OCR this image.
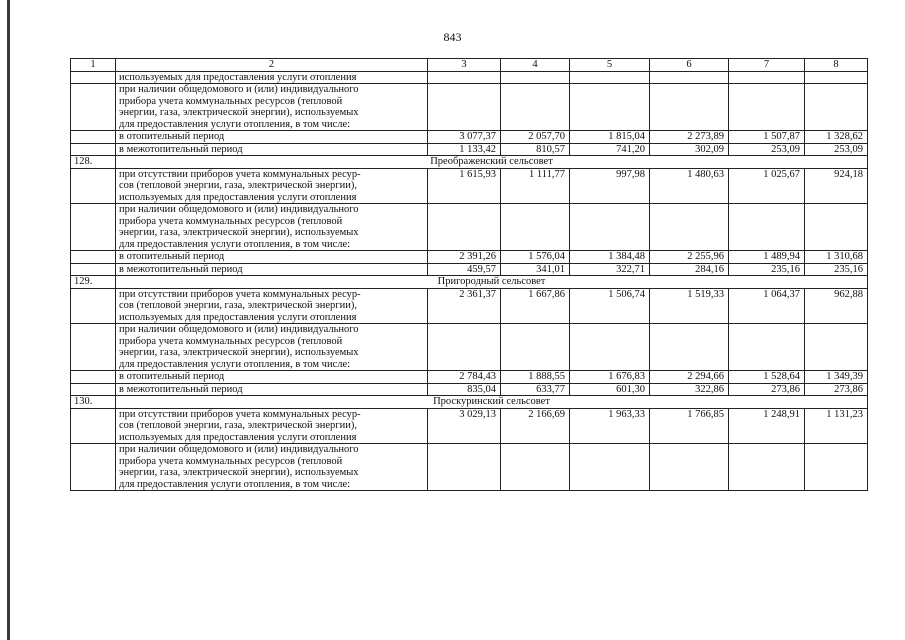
843
1	2	3	4	5	6	7	8
	используемых для предоставления услуги отопления						
	при наличии общедомового и (или) индивидуального
прибора учета коммунальных ресурсов (тепловой
энергии, газа, электрической энергии), используемых
для предоставления услуги отопления, в том числе:						
	в отопительный период	3 077,37	2 057,70	1 815,04	2 273,89	1 507,87	1 328,62
	в межотопительный период	1 133,42	810,57	741,20	302,09	253,09	253,09
128.	Преображенский сельсовет						
	при отсутствии приборов учета коммунальных ресур-
сов (тепловой энергии, газа, электрической энергии),
используемых для предоставления услуги отопления	1 615,93	1 111,77	997,98	1 480,63	1 025,67	924,18
	при наличии общедомового и (или) индивидуального
прибора учета коммунальных ресурсов (тепловой
энергии, газа, электрической энергии), используемых
для предоставления услуги отопления, в том числе:						
	в отопительный период	2 391,26	1 576,04	1 384,48	2 255,96	1 489,94	1 310,68
	в межотопительный период	459,57	341,01	322,71	284,16	235,16	235,16
129.	Пригородный сельсовет						
	при отсутствии приборов учета коммунальных ресур-
сов (тепловой энергии, газа, электрической энергии),
используемых для предоставления услуги отопления	2 361,37	1 667,86	1 506,74	1 519,33	1 064,37	962,88
	при наличии общедомового и (или) индивидуального
прибора учета коммунальных ресурсов (тепловой
энергии, газа, электрической энергии), используемых
для предоставления услуги отопления, в том числе:						
	в отопительный период	2 784,43	1 888,55	1 676,83	2 294,66	1 528,64	1 349,39
	в межотопительный период	835,04	633,77	601,30	322,86	273,86	273,86
130.	Проскуринский сельсовет						
	при отсутствии приборов учета коммунальных ресур-
сов (тепловой энергии, газа, электрической энергии),
используемых для предоставления услуги отопления	3 029,13	2 166,69	1 963,33	1 766,85	1 248,91	1 131,23
	при наличии общедомового и (или) индивидуального
прибора учета коммунальных ресурсов (тепловой
энергии, газа, электрической энергии), используемых
для предоставления услуги отопления, в том числе:						
